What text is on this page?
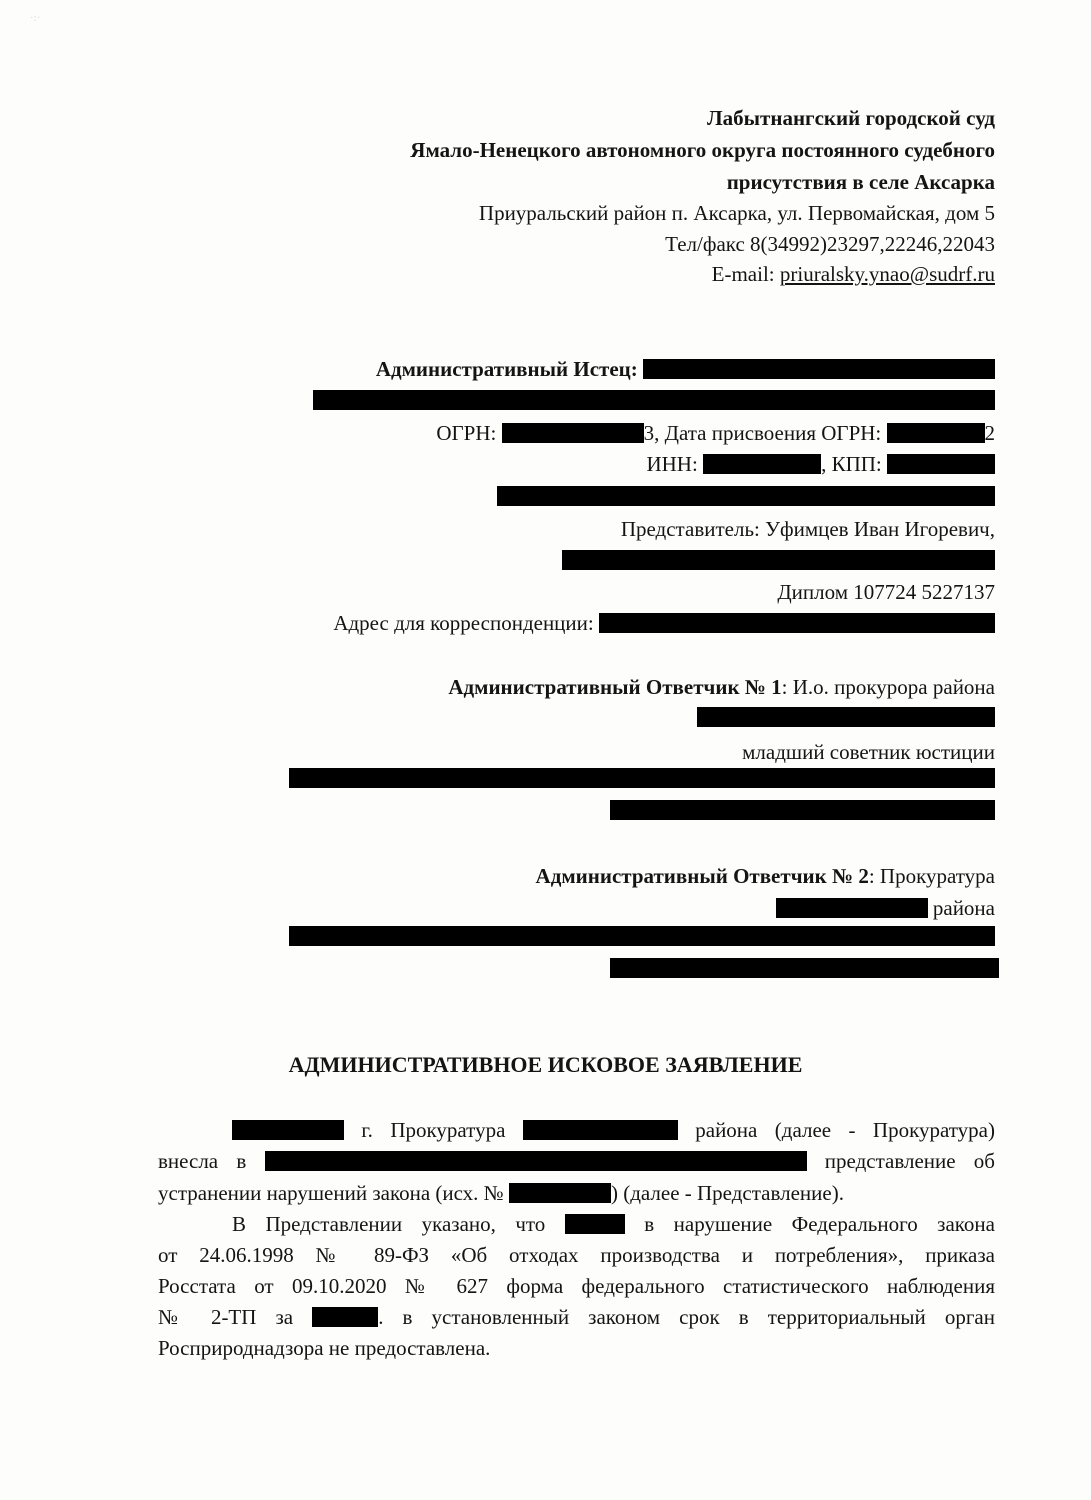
·:·
Лабытнангский городской суд
Ямало-Ненецкого автономного округа постоянного судебного
присутствия в селе Аксарка
Приуральский район п. Аксарка, ул. Первомайская, дом 5
Тел/факс 8(34992)23297,22246,22043
E-mail: priuralsky.ynao@sudrf.ru
Административный Истец:
ОГРН:	3, Дата присвоения ОГРН:	2
ИНН:	, КПП:
Представитель: Уфимцев Иван Игоревич,
Диплом 107724 5227137
Адрес для корреспонденции:
Административный Ответчик № 1: И.о. прокурора района
младший советник юстиции
Административный Ответчик № 2: Прокуратура
района
АДМИНИСТРАТИВНОЕ ИСКОВОЕ ЗАЯВЛЕНИЕ
г. Прокуратура	района (далее - Прокуратура)
внесла в	представление об
устранении нарушений закона (исх. №	) (далее - Представление).
В Представлении указано, что	в нарушение Федерального закона
от 24.06.1998 № 89-ФЗ «Об отходах производства и потребления», приказа
Росстата от 09.10.2020 № 627 форма федерального статистического наблюдения
№ 2-ТП за	. в установленный законом срок в территориальный орган
Росприроднадзора не предоставлена.
